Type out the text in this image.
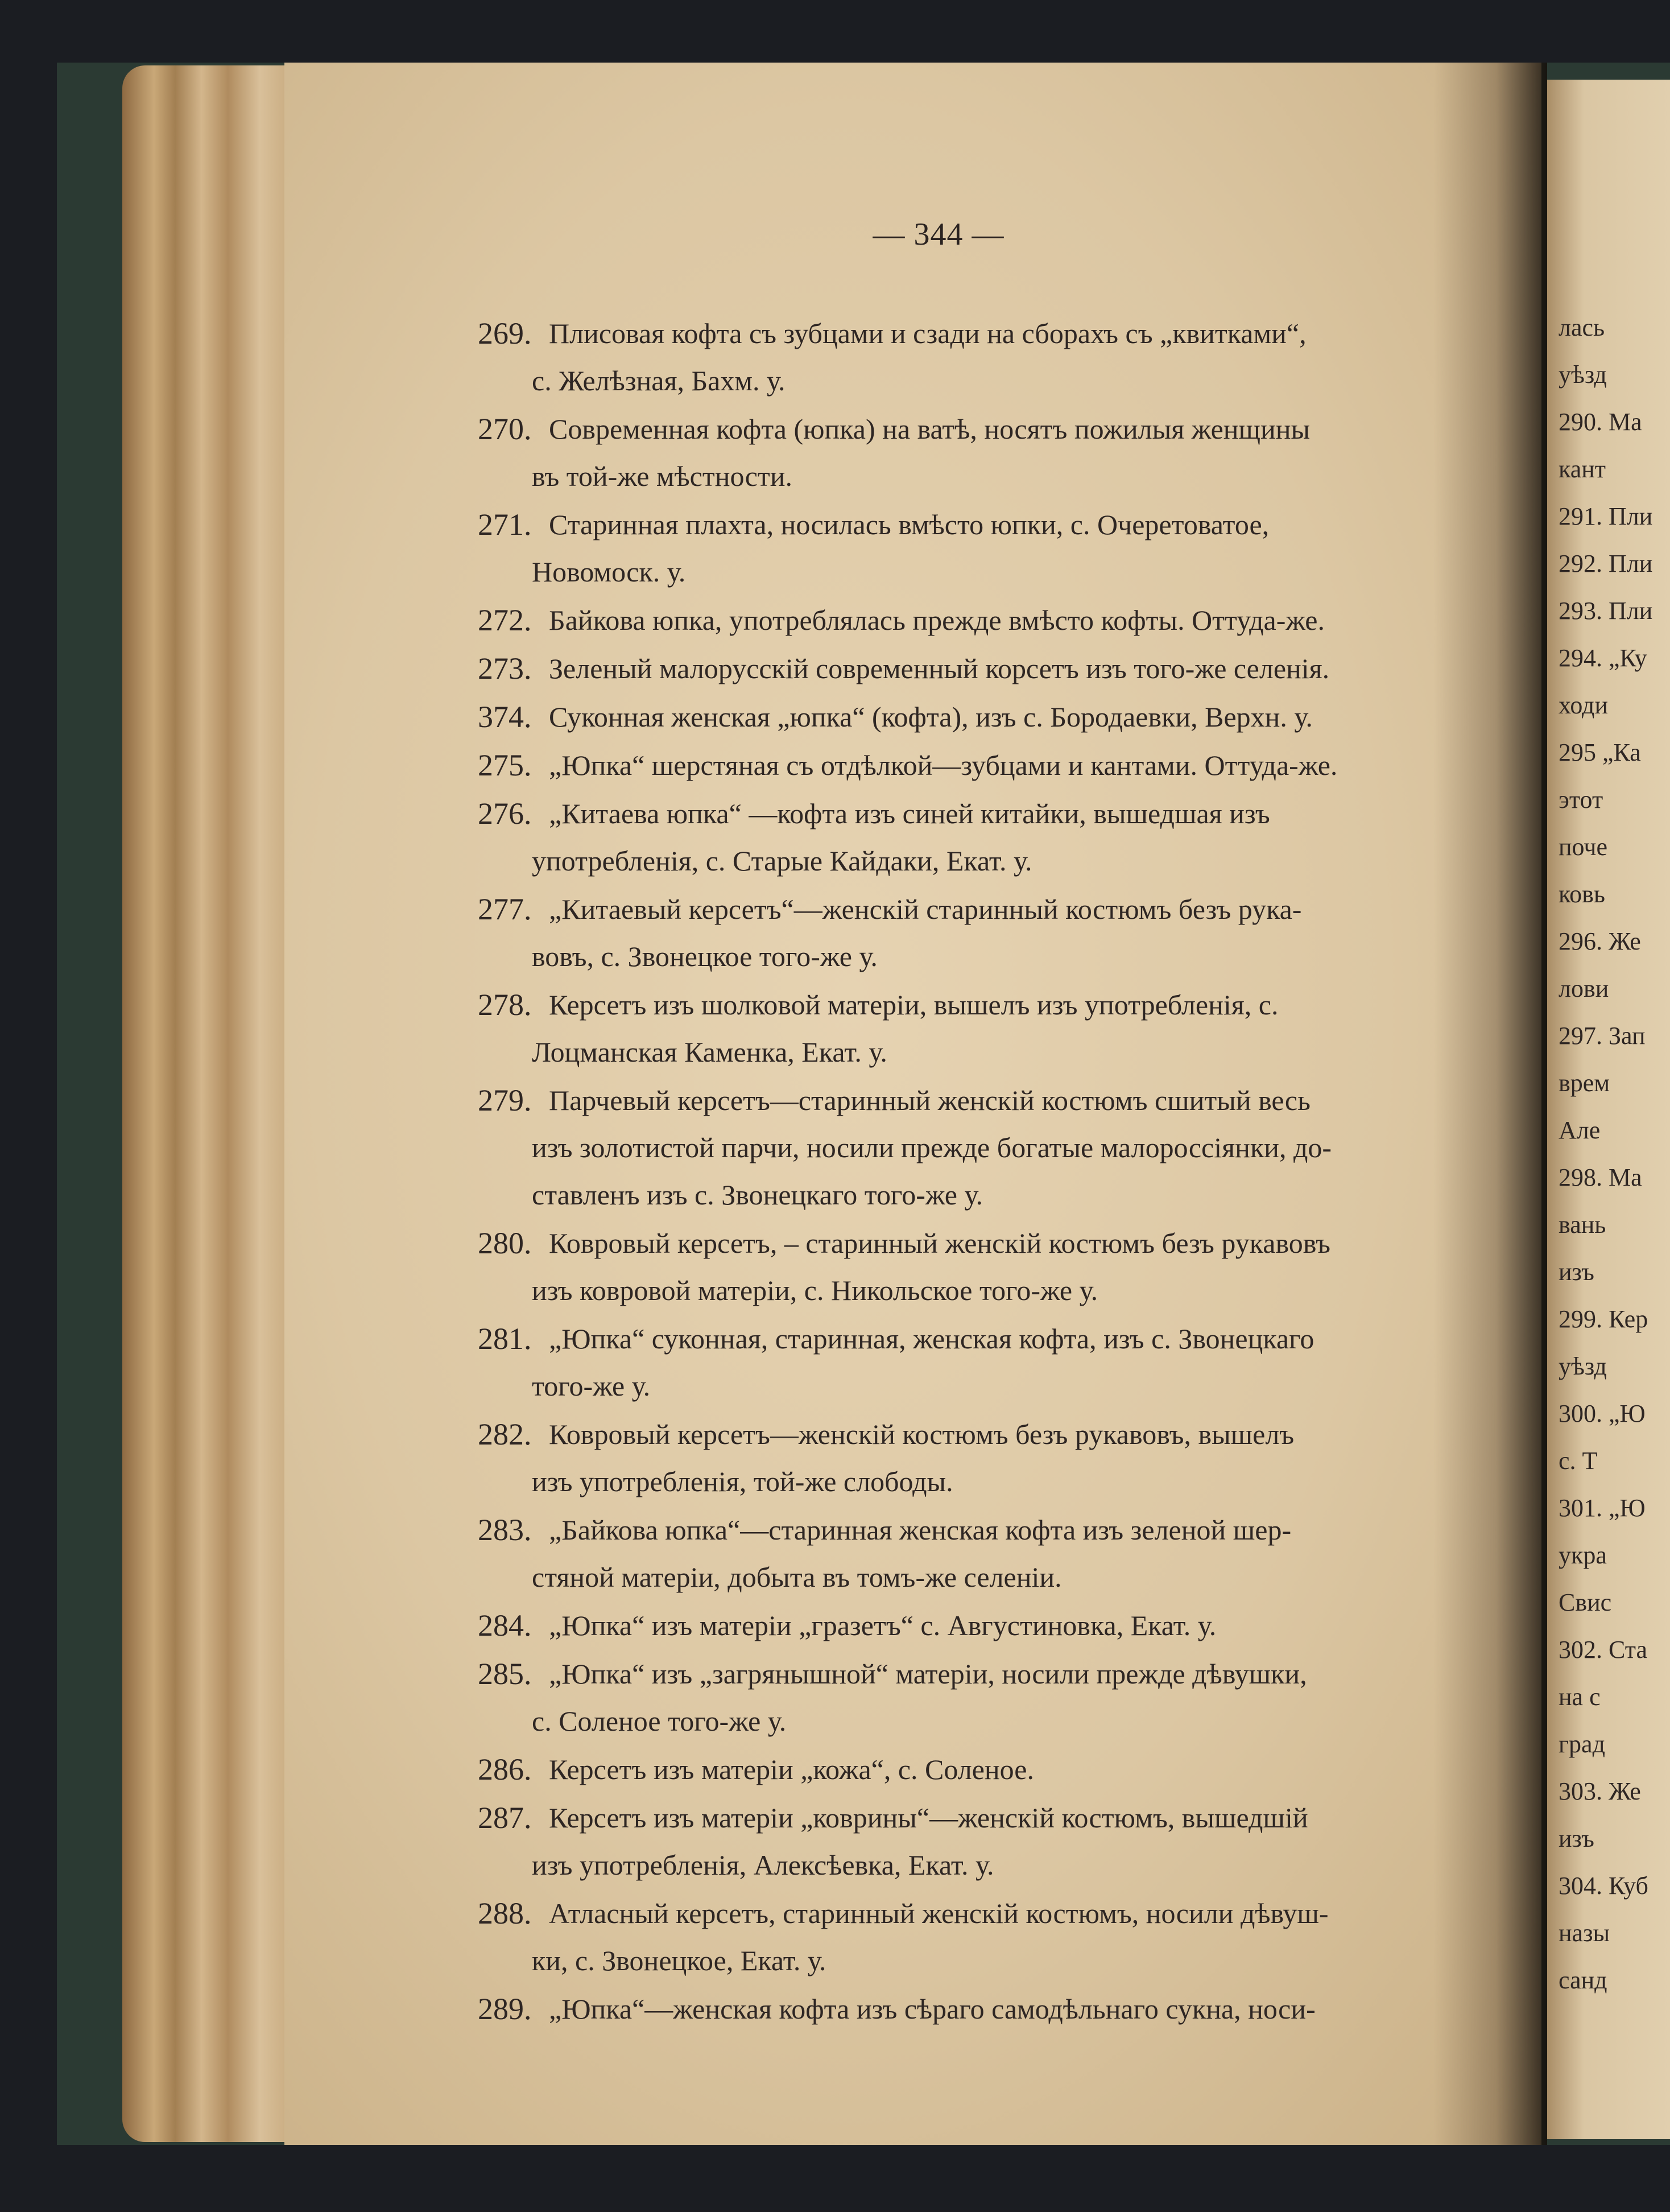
— 344 —
269. Плисовая кофта съ зубцами и сзади на сборахъ съ „квитками“,
с. Желѣзная, Бахм. у.
270. Современная кофта (юпка) на ватѣ, носятъ пожилыя женщины
въ той-же мѣстности.
271. Старинная плахта, носилась вмѣсто юпки, с. Очеретоватое,
Новомоск. у.
272. Байкова юпка, употреблялась прежде вмѣсто кофты. Оттуда-же.
273. Зеленый малорусскій современный корсетъ изъ того-же селенія.
374. Суконная женская „юпка“ (кофта), изъ с. Бородаевки, Верхн. у.
275. „Юпка“ шерстяная съ отдѣлкой—зубцами и кантами. Оттуда-же.
276. „Китаева юпка“ —кофта изъ синей китайки, вышедшая изъ
употребленія, с. Старые Кайдаки, Екат. у.
277. „Китаевый керсетъ“—женскій старинный костюмъ безъ рука-
вовъ, с. Звонецкое того-же у.
278. Керсетъ изъ шолковой матеріи, вышелъ изъ употребленія, с.
Лоцманская Каменка, Екат. у.
279. Парчевый керсетъ—старинный женскій костюмъ сшитый весь
изъ золотистой парчи, носили прежде богатые малороссіянки, до-
ставленъ изъ с. Звонецкаго того-же у.
280. Ковровый керсетъ, – старинный женскій костюмъ безъ рукавовъ
изъ ковровой матеріи, с. Никольское того-же у.
281. „Юпка“ суконная, старинная, женская кофта, изъ с. Звонецкаго
того-же у.
282. Ковровый керсетъ—женскій костюмъ безъ рукавовъ, вышелъ
изъ употребленія, той-же слободы.
283. „Байкова юпка“—старинная женская кофта изъ зеленой шер-
стяной матеріи, добыта въ томъ-же селеніи.
284. „Юпка“ изъ матеріи „гразетъ“ с. Августиновка, Екат. у.
285. „Юпка“ изъ „загрянышной“ матеріи, носили прежде дѣвушки,
с. Соленое того-же у.
286. Керсетъ изъ матеріи „кожа“, с. Соленое.
287. Керсетъ изъ матеріи „коврины“—женскій костюмъ, вышедшій
изъ употребленія, Алексѣевка, Екат. у.
288. Атласный керсетъ, старинный женскій костюмъ, носили дѣвуш-
ки, с. Звонецкое, Екат. у.
289. „Юпка“—женская кофта изъ сѣраго самодѣльнаго сукна, носи-
лась
уѣзд
290. Ма
кант
291. Пли
292. Пли
293. Пли
294. „Ку
ходи
295 „Ка
этот
поче
ковь
296. Же
лови
297. Зап
врем
Але
298. Ма
вань
изъ
299. Кер
уѣзд
300. „Ю
с. Т
301. „Ю
укра
Свиc
302. Ста
на с
град
303. Же
изъ
304. Куб
назы
санд
